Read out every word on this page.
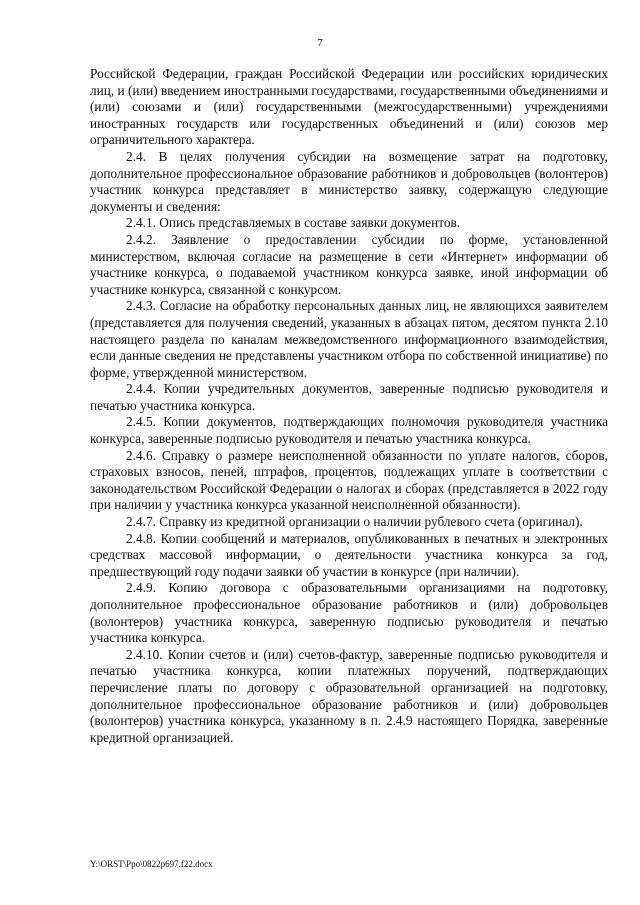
7

Российской Федерации, граждан Российской Федерации или российских юридических лиц, и (или) введением иностранными государствами, государственными объединениями и (или) союзами и (или) государственными (межгосударственными) учреждениями иностранных государств или государственных объединений и (или) союзов мер ограничительного характера.

2.4. В целях получения субсидии на возмещение затрат на подготовку, дополнительное профессиональное образование работников и добровольцев (волонтеров) участник конкурса представляет в министерство заявку, содержащую следующие документы и сведения:

2.4.1. Опись представляемых в составе заявки документов.

2.4.2. Заявление о предоставлении субсидии по форме, установленной министерством, включая согласие на размещение в сети «Интернет» информации об участнике конкурса, о подаваемой участником конкурса заявке, иной информации об участнике конкурса, связанной с конкурсом.

2.4.3. Согласие на обработку персональных данных лиц, не являющихся заявителем (представляется для получения сведений, указанных в абзацах пятом, десятом пункта 2.10 настоящего раздела по каналам межведомственного информационного взаимодействия, если данные сведения не представлены участником отбора по собственной инициативе) по форме, утвержденной министерством.

2.4.4. Копии учредительных документов, заверенные подписью руководителя и печатью участника конкурса.

2.4.5. Копии документов, подтверждающих полномочия руководителя участника конкурса, заверенные подписью руководителя и печатью участника конкурса.

2.4.6. Справку о размере неисполненной обязанности по уплате налогов, сборов, страховых взносов, пеней, штрафов, процентов, подлежащих уплате в соответствии с законодательством Российской Федерации о налогах и сборах (представляется в 2022 году при наличии у участника конкурса указанной неисполненной обязанности).

2.4.7. Справку из кредитной организации о наличии рублевого счета (оригинал).

2.4.8. Копии сообщений и материалов, опубликованных в печатных и электронных средствах массовой информации, о деятельности участника конкурса за год, предшествующий году подачи заявки об участии в конкурсе (при наличии).

2.4.9. Копию договора с образовательными организациями на подготовку, дополнительное профессиональное образование работников и (или) добровольцев (волонтеров) участника конкурса, заверенную подписью руководителя и печатью участника конкурса.

2.4.10. Копии счетов и (или) счетов-фактур, заверенные подписью руководителя и печатью участника конкурса, копии платежных поручений, подтверждающих перечисление платы по договору с образовательной организацией на подготовку, дополнительное профессиональное образование работников и (или) добровольцев (волонтеров) участника конкурса, указанному в п. 2.4.9 настоящего Порядка, заверенные кредитной организацией.

Y:\ORST\Ppo\0822p697.f22.docx
